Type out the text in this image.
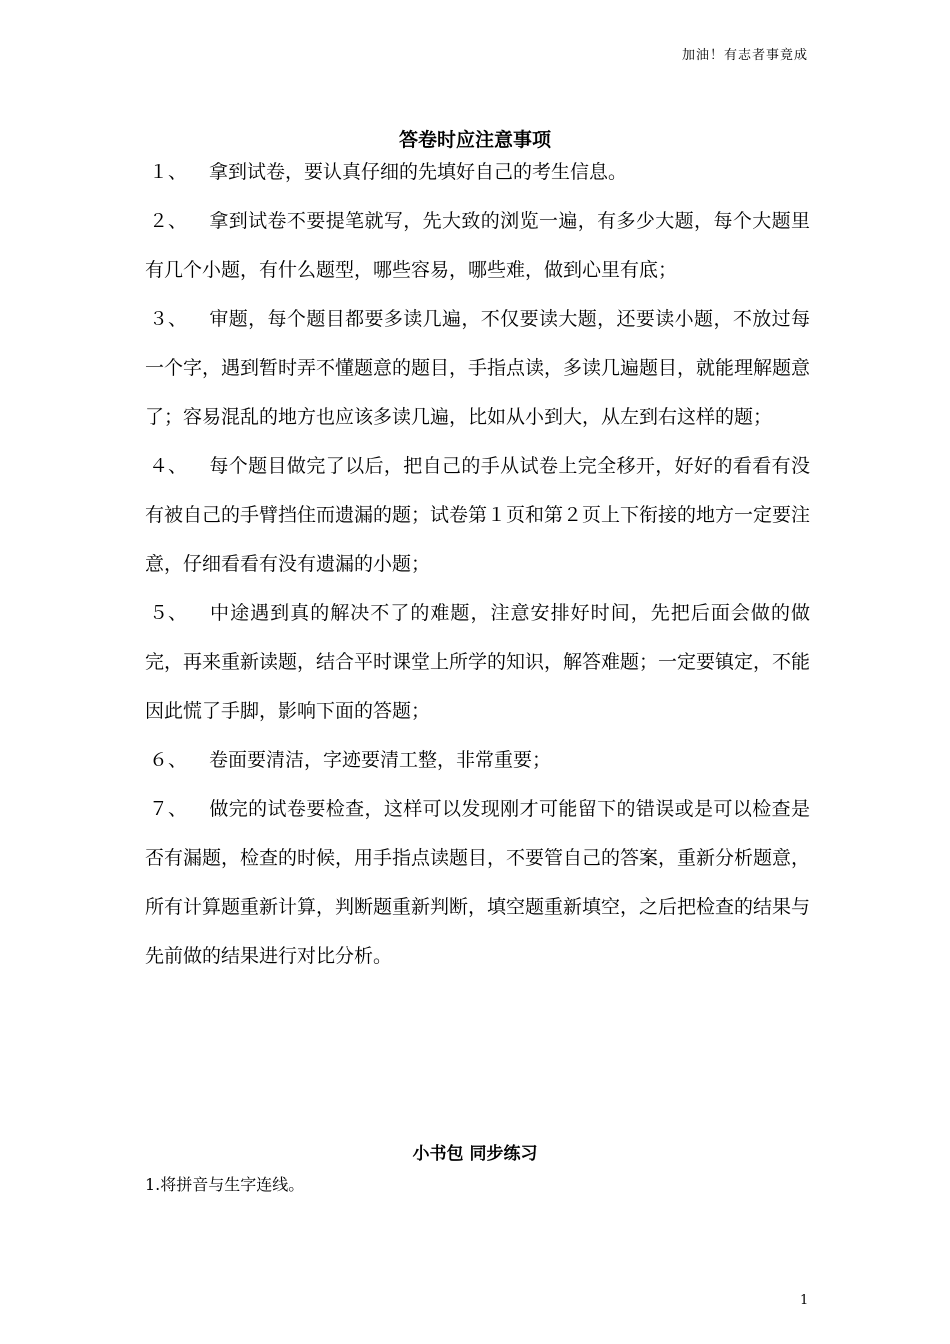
加油！有志者事竟成
答卷时应注意事项

１、 拿到试卷，要认真仔细的先填好自己的考生信息。

２、 拿到试卷不要提笔就写，先大致的浏览一遍，有多少大题，每个大题里有几个小题，有什么题型，哪些容易，哪些难，做到心里有底；

３、 审题，每个题目都要多读几遍，不仅要读大题，还要读小题，不放过每一个字，遇到暂时弄不懂题意的题目，手指点读，多读几遍题目，就能理解题意了；容易混乱的地方也应该多读几遍，比如从小到大，从左到右这样的题；

４、 每个题目做完了以后，把自己的手从试卷上完全移开，好好的看看有没有被自己的手臂挡住而遗漏的题；试卷第１页和第２页上下衔接的地方一定要注意，仔细看看有没有遗漏的小题；

５、 中途遇到真的解决不了的难题，注意安排好时间，先把后面会做的做完，再来重新读题，结合平时课堂上所学的知识，解答难题；一定要镇定，不能因此慌了手脚，影响下面的答题；

６、 卷面要清洁，字迹要清工整，非常重要；

７、 做完的试卷要检查，这样可以发现刚才可能留下的错误或是可以检查是否有漏题，检查的时候，用手指点读题目，不要管自己的答案，重新分析题意，所有计算题重新计算，判断题重新判断，填空题重新填空，之后把检查的结果与先前做的结果进行对比分析。

小书包 同步练习
1.将拼音与生字连线。
1
